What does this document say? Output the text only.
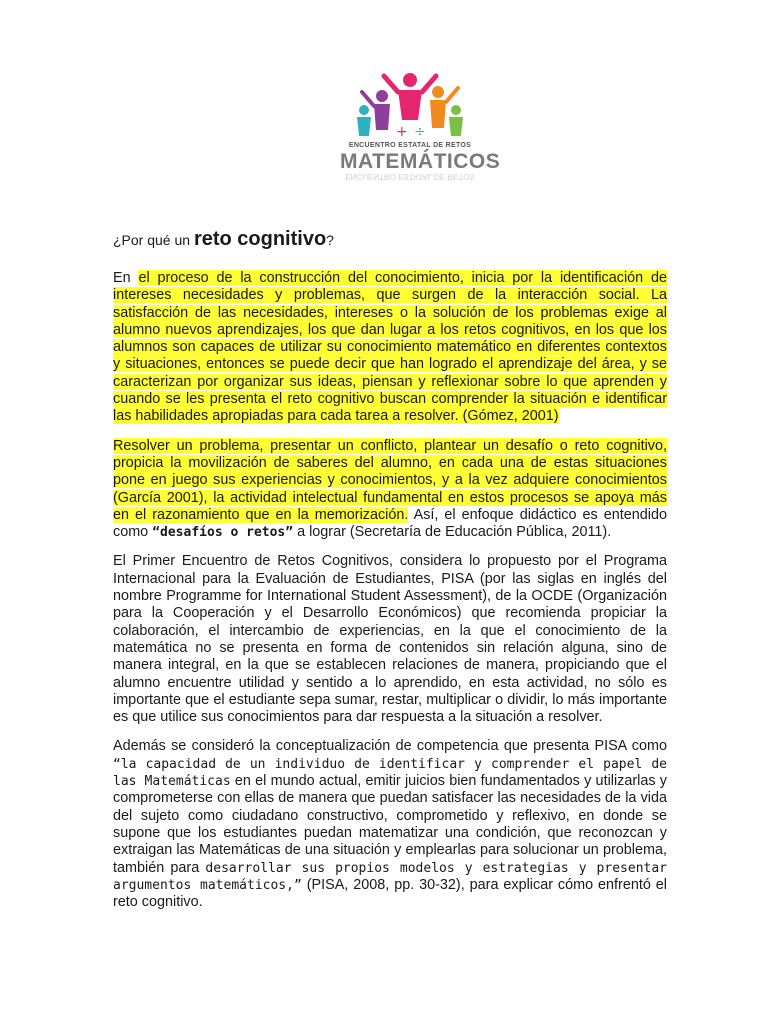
+ ÷
ENCUENTRO ESTATAL DE RETOS
MATEMÁTICOS
ENCUENTRO ESTATAL DE RETOS
¿Por qué un reto cognitivo?

En el proceso de la construcción del conocimiento, inicia por la identificación de intereses necesidades y problemas, que surgen de la interacción social. La satisfacción de las necesidades, intereses o la solución de los problemas exige al alumno nuevos aprendizajes, los que dan lugar a los retos cognitivos, en los que los alumnos son capaces de utilizar su conocimiento matemático en diferentes contextos y situaciones, entonces se puede decir que han logrado el aprendizaje del área, y se caracterizan por organizar sus ideas, piensan y reflexionar sobre lo que aprenden y cuando se les presenta el reto cognitivo buscan comprender la situación e identificar las habilidades apropiadas para cada tarea a resolver. (Gómez, 2001)

Resolver un problema, presentar un conflicto, plantear un desafío o reto cognitivo, propicia la movilización de saberes del alumno, en cada una de estas situaciones pone en juego sus experiencias y conocimientos, y a la vez adquiere conocimientos (García 2001), la actividad intelectual fundamental en estos procesos se apoya más en el razonamiento que en la memorización. Así, el enfoque didáctico es entendido como “desafíos o retos” a lograr (Secretaría de Educación Pública, 2011).

El Primer Encuentro de Retos Cognitivos, considera lo propuesto por el Programa Internacional para la Evaluación de Estudiantes, PISA (por las siglas en inglés del nombre Programme for International Student Assessment), de la OCDE (Organización para la Cooperación y el Desarrollo Económicos) que recomienda propiciar la colaboración, el intercambio de experiencias, en la que el conocimiento de la matemática no se presenta en forma de contenidos sin relación alguna, sino de manera integral, en la que se establecen relaciones de manera, propiciando que el alumno encuentre utilidad y sentido a lo aprendido, en esta actividad, no sólo es importante que el estudiante sepa sumar, restar, multiplicar o dividir, lo más importante es que utilice sus conocimientos para dar respuesta a la situación a resolver.

Además se consideró la conceptualización de competencia que presenta PISA como “la capacidad de un individuo de identificar y comprender el papel de las Matemáticas en el mundo actual, emitir juicios bien fundamentados y utilizarlas y comprometerse con ellas de manera que puedan satisfacer las necesidades de la vida del sujeto como ciudadano constructivo, comprometido y reflexivo, en donde se supone que los estudiantes puedan matematizar una condición, que reconozcan y extraigan las Matemáticas de una situación y emplearlas para solucionar un problema, también para desarrollar sus propios modelos y estrategias y presentar argumentos matemáticos,” (PISA, 2008, pp. 30-32), para explicar cómo enfrentó el reto cognitivo.
